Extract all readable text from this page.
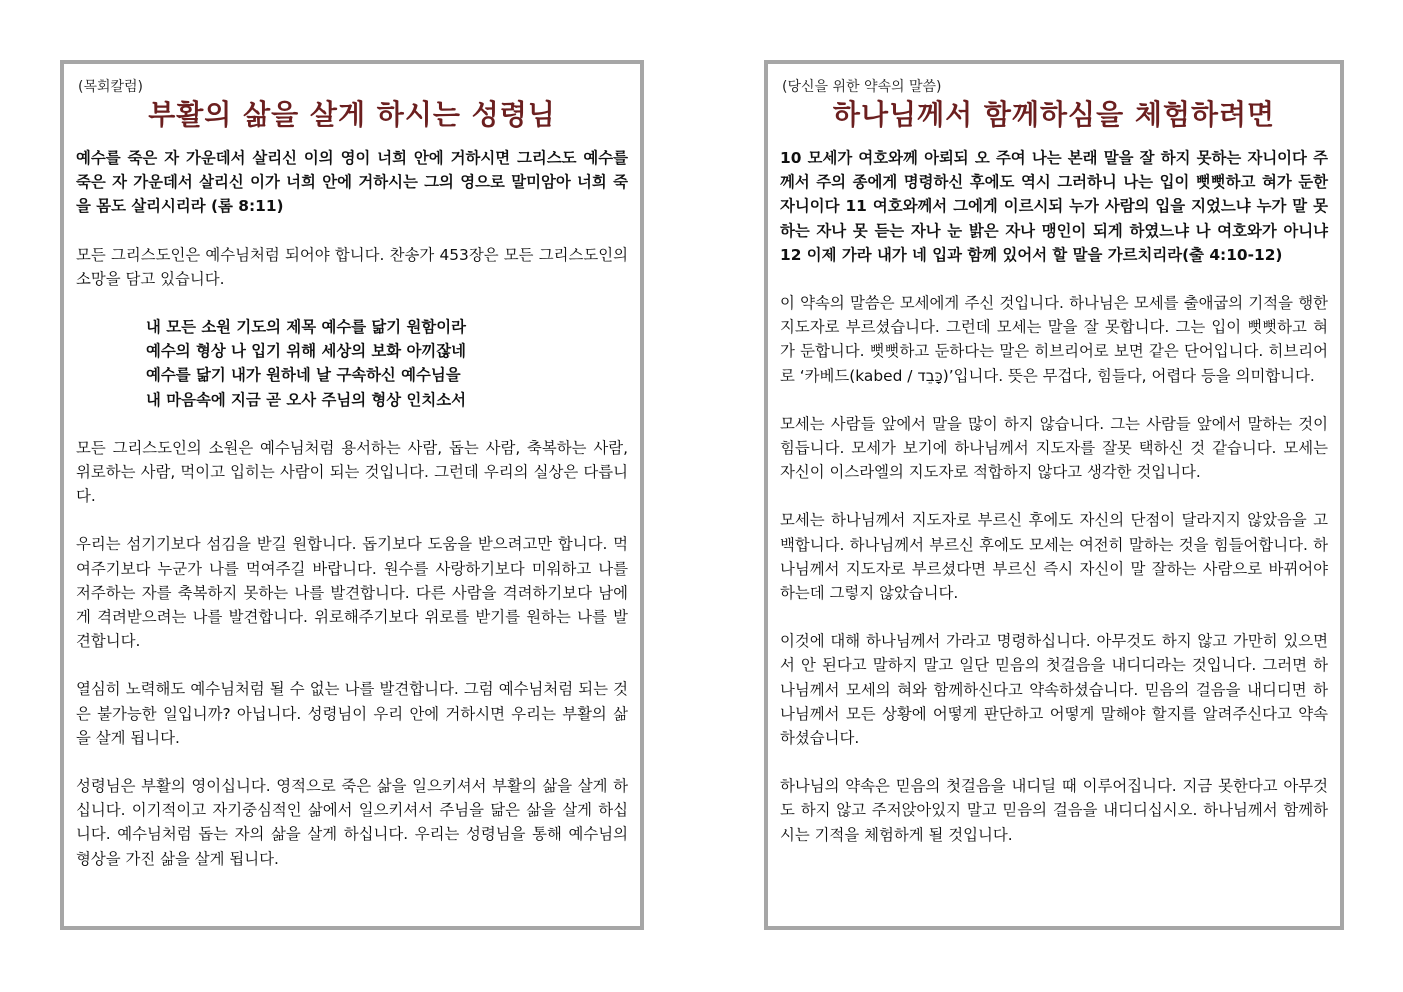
(목회칼럼)
부활의 삶을 살게 하시는 성령님

예수를 죽은 자 가운데서 살리신 이의 영이 너희 안에 거하시면 그리스도 예수를 죽은 자 가운데서 살리신 이가 너희 안에 거하시는 그의 영으로 말미암아 너희 죽을 몸도 살리시리라 (롬 8:11)

모든 그리스도인은 예수님처럼 되어야 합니다. 찬송가 453장은 모든 그리스도인의 소망을 담고 있습니다.

내 모든 소원 기도의 제목 예수를 닮기 원함이라
예수의 형상 나 입기 위해 세상의 보화 아끼잖네
예수를 닮기 내가 원하네 날 구속하신 예수님을
내 마음속에 지금 곧 오사 주님의 형상 인치소서

모든 그리스도인의 소원은 예수님처럼 용서하는 사람, 돕는 사람, 축복하는 사람, 위로하는 사람, 먹이고 입히는 사람이 되는 것입니다. 그런데 우리의 실상은 다릅니다.

우리는 섬기기보다 섬김을 받길 원합니다. 돕기보다 도움을 받으려고만 합니다. 먹여주기보다 누군가 나를 먹여주길 바랍니다. 원수를 사랑하기보다 미워하고 나를 저주하는 자를 축복하지 못하는 나를 발견합니다. 다른 사람을 격려하기보다 남에게 격려받으려는 나를 발견합니다. 위로해주기보다 위로를 받기를 원하는 나를 발견합니다.

열심히 노력해도 예수님처럼 될 수 없는 나를 발견합니다. 그럼 예수님처럼 되는 것은 불가능한 일입니까? 아닙니다. 성령님이 우리 안에 거하시면 우리는 부활의 삶을 살게 됩니다.

성령님은 부활의 영이십니다. 영적으로 죽은 삶을 일으키셔서 부활의 삶을 살게 하십니다. 이기적이고 자기중심적인 삶에서 일으키셔서 주님을 닮은 삶을 살게 하십니다. 예수님처럼 돕는 자의 삶을 살게 하십니다. 우리는 성령님을 통해 예수님의 형상을 가진 삶을 살게 됩니다.

(당신을 위한 약속의 말씀)
하나님께서 함께하심을 체험하려면

10 모세가 여호와께 아뢰되 오 주여 나는 본래 말을 잘 하지 못하는 자니이다 주께서 주의 종에게 명령하신 후에도 역시 그러하니 나는 입이 뻣뻣하고 혀가 둔한 자니이다 11 여호와께서 그에게 이르시되 누가 사람의 입을 지었느냐 누가 말 못 하는 자나 못 듣는 자나 눈 밝은 자나 맹인이 되게 하였느냐 나 여호와가 아니냐 12 이제 가라 내가 네 입과 함께 있어서 할 말을 가르치리라(출 4:10-12)

이 약속의 말씀은 모세에게 주신 것입니다. 하나님은 모세를 출애굽의 기적을 행한 지도자로 부르셨습니다. 그런데 모세는 말을 잘 못합니다. 그는 입이 뻣뻣하고 혀가 둔합니다. 뻣뻣하고 둔하다는 말은 히브리어로 보면 같은 단어입니다. 히브리어로 ‘카베드(kabed / כָּבֵד)’입니다. 뜻은 무겁다, 힘들다, 어렵다 등을 의미합니다.

모세는 사람들 앞에서 말을 많이 하지 않습니다. 그는 사람들 앞에서 말하는 것이 힘듭니다. 모세가 보기에 하나님께서 지도자를 잘못 택하신 것 같습니다. 모세는 자신이 이스라엘의 지도자로 적합하지 않다고 생각한 것입니다.

모세는 하나님께서 지도자로 부르신 후에도 자신의 단점이 달라지지 않았음을 고백합니다. 하나님께서 부르신 후에도 모세는 여전히 말하는 것을 힘들어합니다. 하나님께서 지도자로 부르셨다면 부르신 즉시 자신이 말 잘하는 사람으로 바뀌어야 하는데 그렇지 않았습니다.

이것에 대해 하나님께서 가라고 명령하십니다. 아무것도 하지 않고 가만히 있으면서 안 된다고 말하지 말고 일단 믿음의 첫걸음을 내디디라는 것입니다. 그러면 하나님께서 모세의 혀와 함께하신다고 약속하셨습니다. 믿음의 걸음을 내디디면 하나님께서 모든 상황에 어떻게 판단하고 어떻게 말해야 할지를 알려주신다고 약속하셨습니다.

하나님의 약속은 믿음의 첫걸음을 내디딜 때 이루어집니다. 지금 못한다고 아무것도 하지 않고 주저앉아있지 말고 믿음의 걸음을 내디디십시오. 하나님께서 함께하시는 기적을 체험하게 될 것입니다.
